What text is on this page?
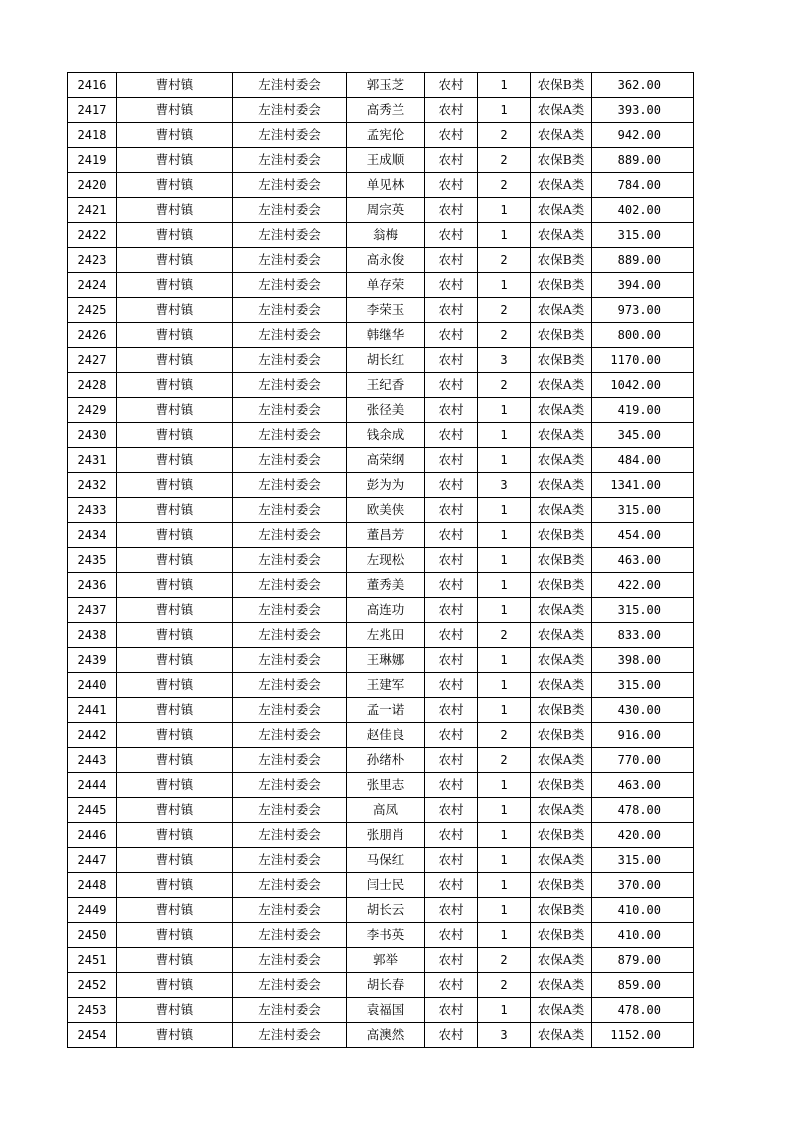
2416	曹村镇	左洼村委会	郭玉芝	农村	1	农保B类	362.00
2417	曹村镇	左洼村委会	高秀兰	农村	1	农保A类	393.00
2418	曹村镇	左洼村委会	孟宪伦	农村	2	农保A类	942.00
2419	曹村镇	左洼村委会	王成顺	农村	2	农保B类	889.00
2420	曹村镇	左洼村委会	单见林	农村	2	农保A类	784.00
2421	曹村镇	左洼村委会	周宗英	农村	1	农保A类	402.00
2422	曹村镇	左洼村委会	翁梅	农村	1	农保A类	315.00
2423	曹村镇	左洼村委会	高永俊	农村	2	农保B类	889.00
2424	曹村镇	左洼村委会	单存荣	农村	1	农保B类	394.00
2425	曹村镇	左洼村委会	李荣玉	农村	2	农保A类	973.00
2426	曹村镇	左洼村委会	韩继华	农村	2	农保B类	800.00
2427	曹村镇	左洼村委会	胡长红	农村	3	农保B类	1170.00
2428	曹村镇	左洼村委会	王纪香	农村	2	农保A类	1042.00
2429	曹村镇	左洼村委会	张径美	农村	1	农保A类	419.00
2430	曹村镇	左洼村委会	钱余成	农村	1	农保A类	345.00
2431	曹村镇	左洼村委会	高荣纲	农村	1	农保A类	484.00
2432	曹村镇	左洼村委会	彭为为	农村	3	农保A类	1341.00
2433	曹村镇	左洼村委会	欧美侠	农村	1	农保A类	315.00
2434	曹村镇	左洼村委会	董昌芳	农村	1	农保B类	454.00
2435	曹村镇	左洼村委会	左现松	农村	1	农保B类	463.00
2436	曹村镇	左洼村委会	董秀美	农村	1	农保B类	422.00
2437	曹村镇	左洼村委会	高连功	农村	1	农保A类	315.00
2438	曹村镇	左洼村委会	左兆田	农村	2	农保A类	833.00
2439	曹村镇	左洼村委会	王琳娜	农村	1	农保A类	398.00
2440	曹村镇	左洼村委会	王建军	农村	1	农保A类	315.00
2441	曹村镇	左洼村委会	孟一诺	农村	1	农保B类	430.00
2442	曹村镇	左洼村委会	赵佳良	农村	2	农保B类	916.00
2443	曹村镇	左洼村委会	孙绪朴	农村	2	农保A类	770.00
2444	曹村镇	左洼村委会	张里志	农村	1	农保B类	463.00
2445	曹村镇	左洼村委会	高凤	农村	1	农保A类	478.00
2446	曹村镇	左洼村委会	张朋肖	农村	1	农保B类	420.00
2447	曹村镇	左洼村委会	马保红	农村	1	农保A类	315.00
2448	曹村镇	左洼村委会	闫士民	农村	1	农保B类	370.00
2449	曹村镇	左洼村委会	胡长云	农村	1	农保B类	410.00
2450	曹村镇	左洼村委会	李书英	农村	1	农保B类	410.00
2451	曹村镇	左洼村委会	郭举	农村	2	农保A类	879.00
2452	曹村镇	左洼村委会	胡长春	农村	2	农保A类	859.00
2453	曹村镇	左洼村委会	袁福国	农村	1	农保A类	478.00
2454	曹村镇	左洼村委会	高澳然	农村	3	农保A类	1152.00
